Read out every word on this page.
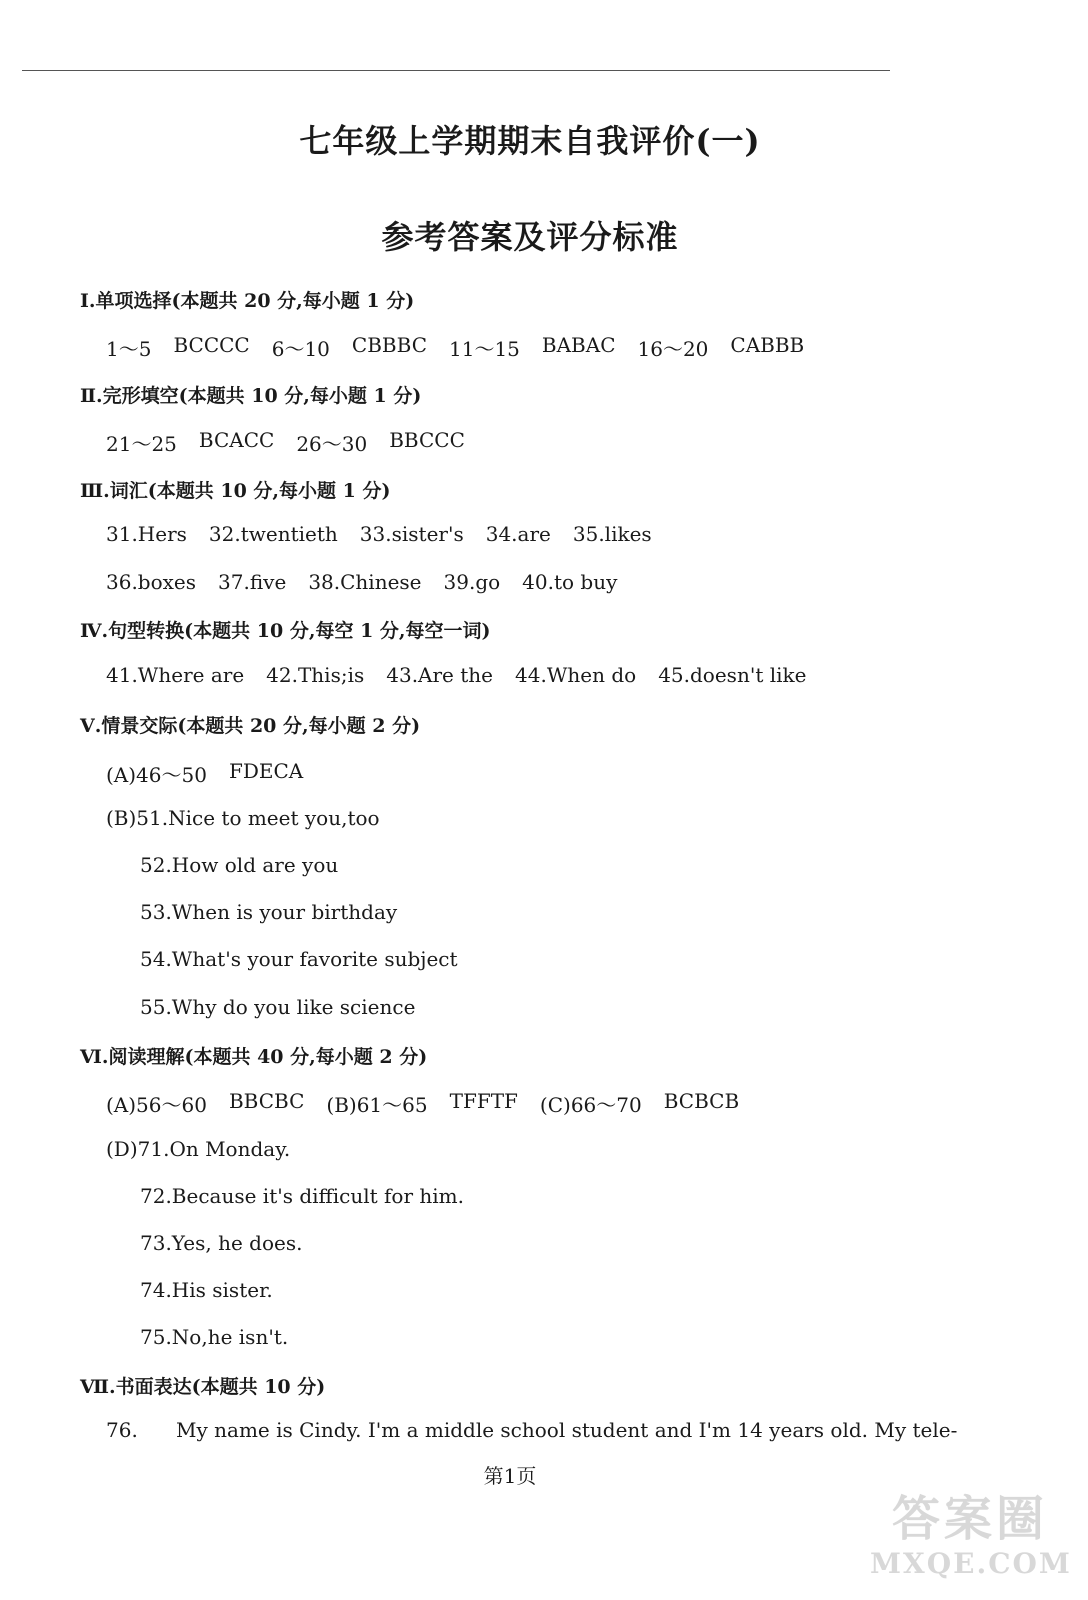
七年级上学期期末自我评价(一)
参考答案及评分标准
Ⅰ.单项选择(本题共 20 分,每小题 1 分)
1～5 BCCCC 6～10 CBBBC 11～15 BABAC 16～20 CABBB
Ⅱ.完形填空(本题共 10 分,每小题 1 分)
21～25 BCACC 26～30 BBCCC
Ⅲ.词汇(本题共 10 分,每小题 1 分)
31.Hers 32.twentieth 33.sister's 34.are 35.likes
36.boxes 37.five 38.Chinese 39.go 40.to buy
Ⅳ.句型转换(本题共 10 分,每空 1 分,每空一词)
41.Where are 42.This;is 43.Are the 44.When do 45.doesn't like
Ⅴ.情景交际(本题共 20 分,每小题 2 分)
(A)46～50 FDECA
(B)51.Nice to meet you,too
52.How old are you
53.When is your birthday
54.What's your favorite subject
55.Why do you like science
Ⅵ.阅读理解(本题共 40 分,每小题 2 分)
(A)56～60 BBCBC (B)61～65 TFFTF (C)66～70 BCBCB
(D)71.On Monday.
72.Because it's difficult for him.
73.Yes, he does.
74.His sister.
75.No,he isn't.
Ⅶ.书面表达(本题共 10 分)
76. My name is Cindy. I'm a middle school student and I'm 14 years old. My tele-
第1页
答案圈
MXQE.COM
